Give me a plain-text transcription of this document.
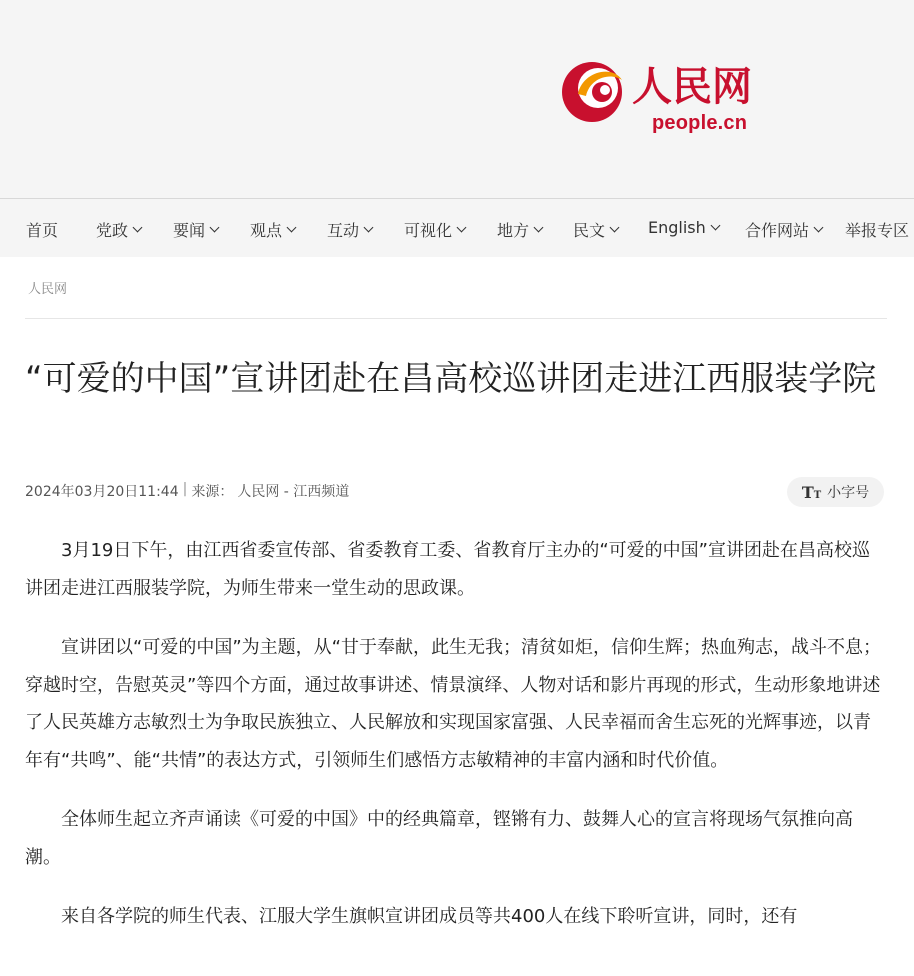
人民网
people.cn
首页 党政	要闻	观点	互动	可视化	地方	民文	English 合作网站 举报专区
人民网
“可爱的中国”宣讲团赴在昌高校巡讲团走进江西服装学院
2024年03月20日11:44 | 来源： 人民网 - 江西频道	TT 小字号

3月19日下午，由江西省委宣传部、省委教育工委、省教育厅主办的“可爱的中国”宣讲团赴在昌高校巡讲团走进江西服装学院，为师生带来一堂生动的思政课。

宣讲团以“可爱的中国”为主题，从“甘于奉献，此生无我；清贫如炬，信仰生辉；热血殉志，战斗不息；穿越时空，告慰英灵”等四个方面，通过故事讲述、情景演绎、人物对话和影片再现的形式，生动形象地讲述了人民英雄方志敏烈士为争取民族独立、人民解放和实现国家富强、人民幸福而舍生忘死的光辉事迹，以青年有“共鸣”、能“共情”的表达方式，引领师生们感悟方志敏精神的丰富内涵和时代价值。

全体师生起立齐声诵读《可爱的中国》中的经典篇章，铿锵有力、鼓舞人心的宣言将现场气氛推向高潮。

来自各学院的师生代表、江服大学生旗帜宣讲团成员等共400人在线下聆听宣讲，同时，还有
